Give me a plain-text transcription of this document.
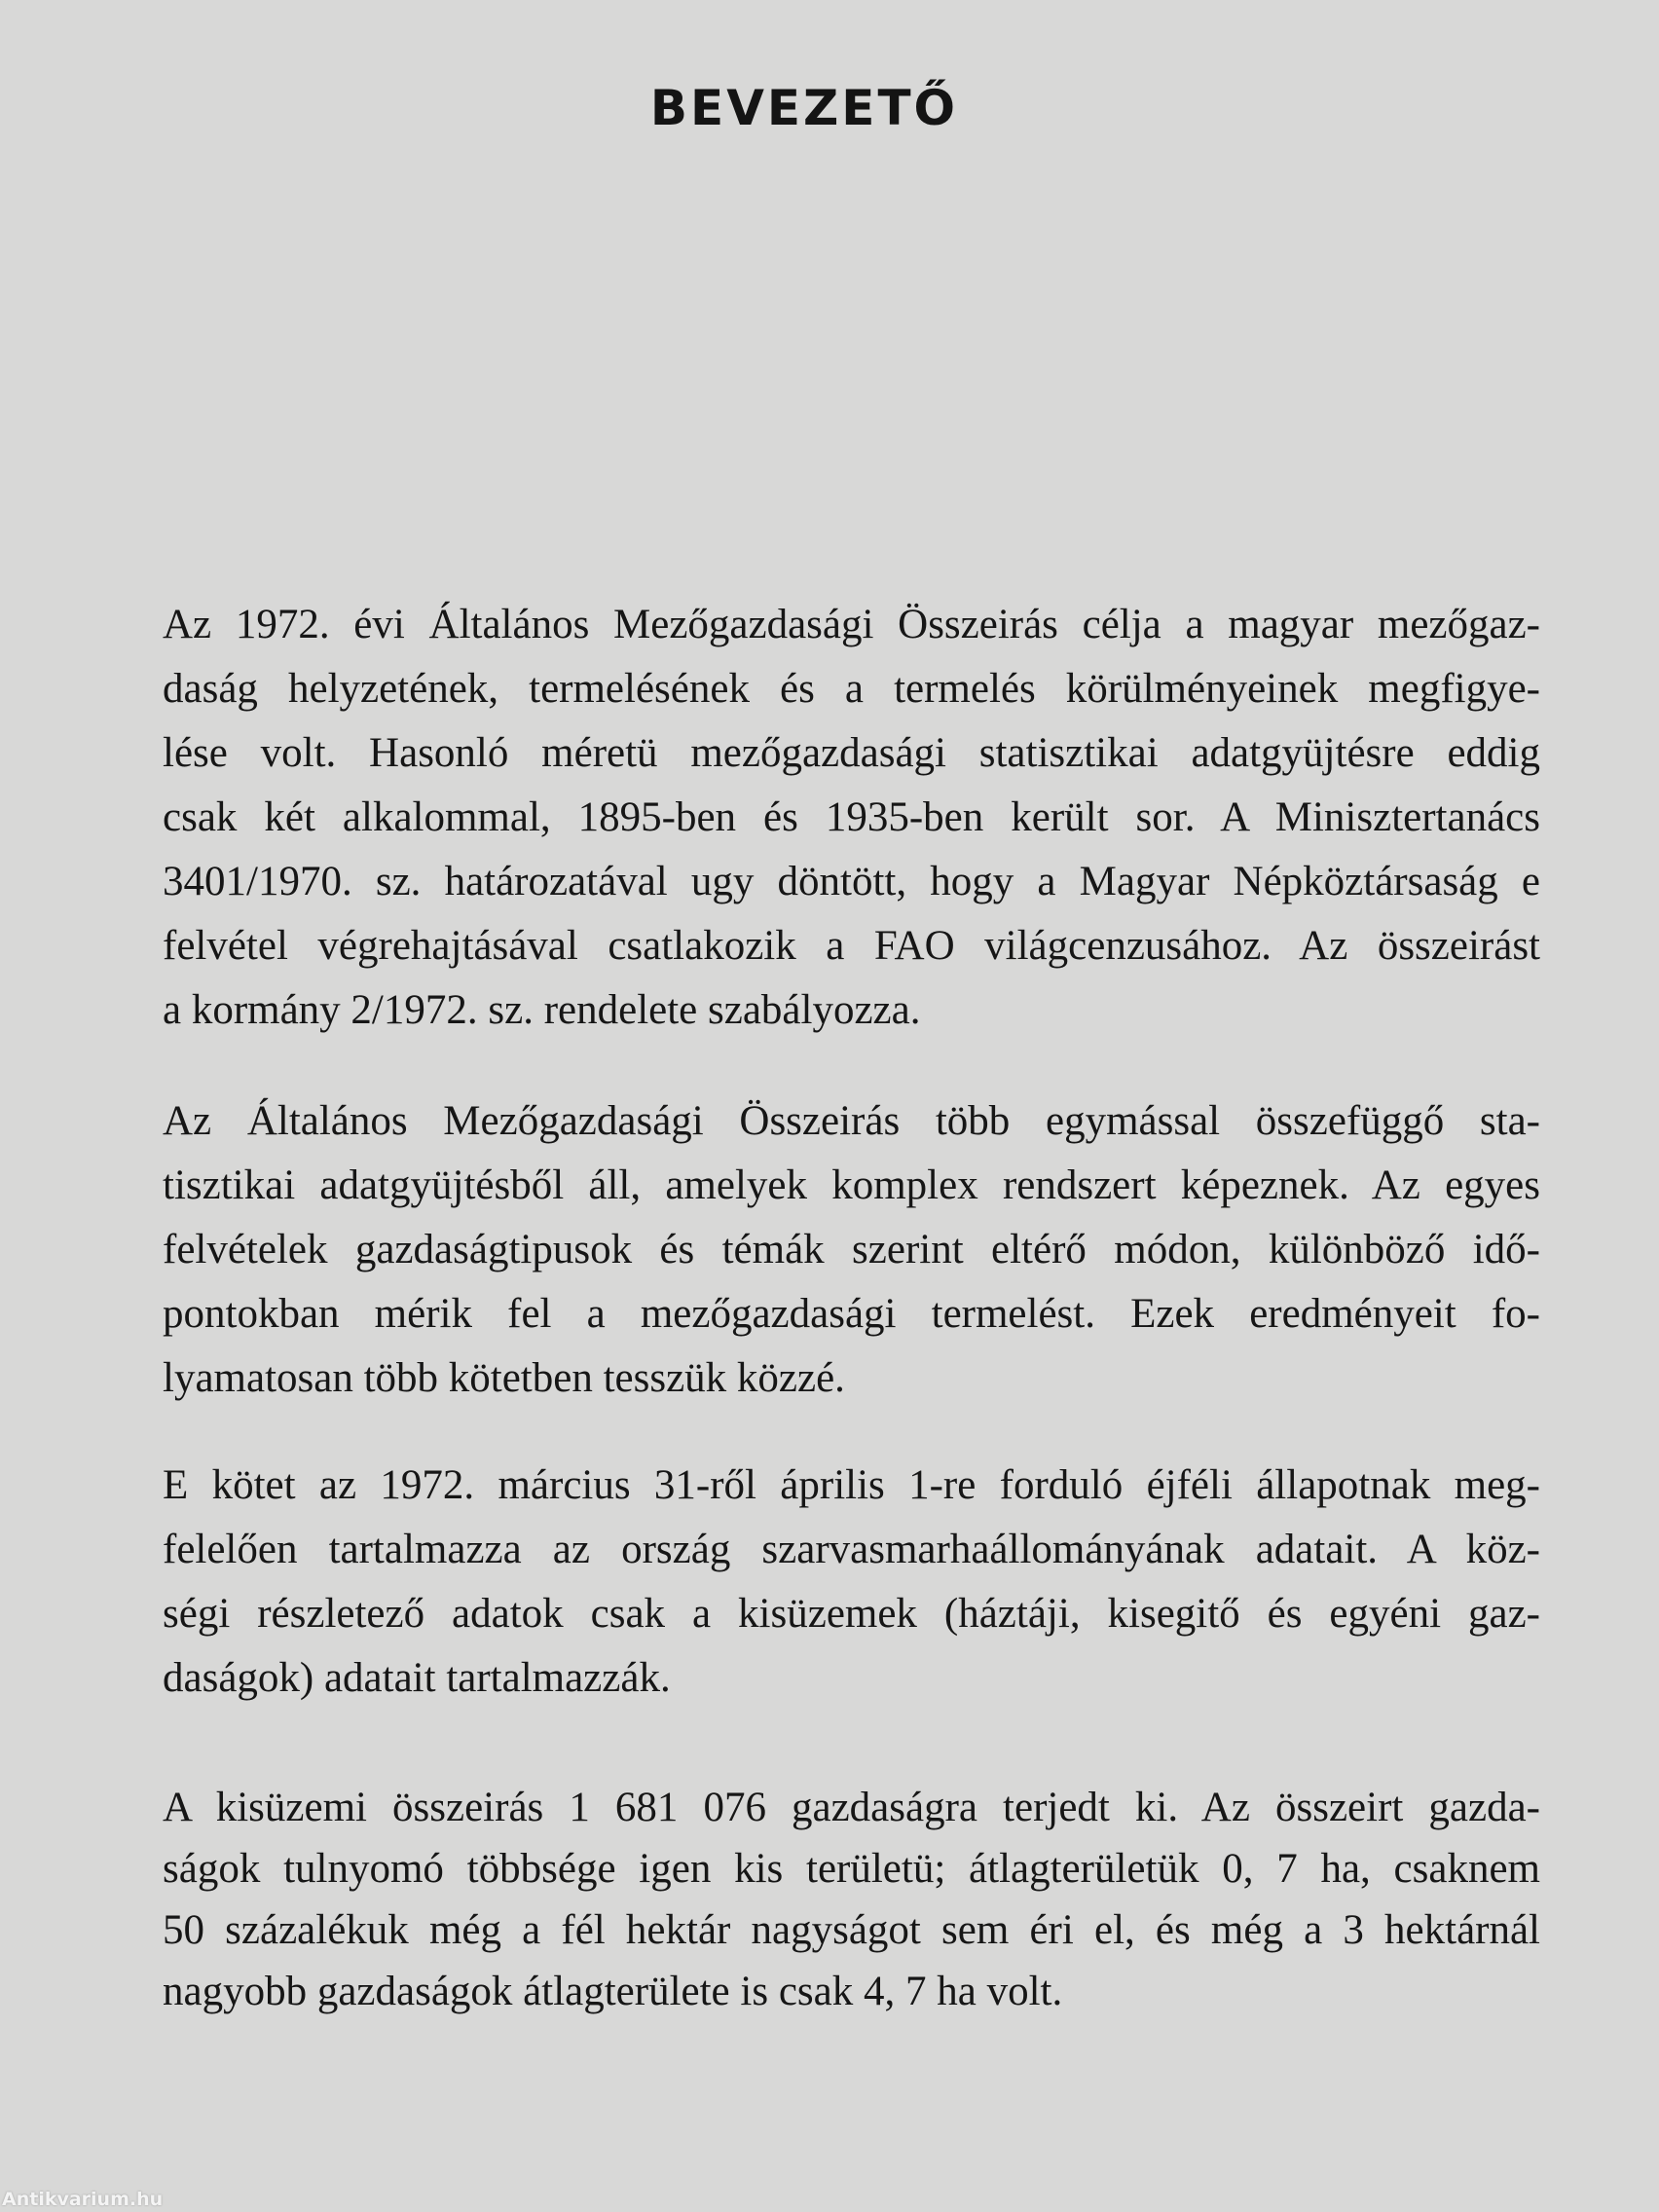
BEVEZETŐ
Az 1972. évi Általános Mezőgazdasági Összeirás célja a magyar mezőgaz-
daság helyzetének, termelésének és a termelés körülményeinek megfigye-
lése volt. Hasonló méretü mezőgazdasági statisztikai adatgyüjtésre eddig
csak két alkalommal, 1895-ben és 1935-ben került sor. A Minisztertanács
3401/1970. sz. határozatával ugy döntött, hogy a Magyar Népköztársaság e
felvétel végrehajtásával csatlakozik a FAO világcenzusához. Az összeirást
a kormány 2/1972. sz. rendelete szabályozza.
Az Általános Mezőgazdasági Összeirás több egymással összefüggő sta-
tisztikai adatgyüjtésből áll, amelyek komplex rendszert képeznek. Az egyes
felvételek gazdaságtipusok és témák szerint eltérő módon, különböző idő-
pontokban mérik fel a mezőgazdasági termelést. Ezek eredményeit fo-
lyamatosan több kötetben tesszük közzé.
E kötet az 1972. március 31-ről április 1-re forduló éjféli állapotnak meg-
felelően tartalmazza az ország szarvasmarhaállományának adatait. A köz-
ségi részletező adatok csak a kisüzemek (háztáji, kisegitő és egyéni gaz-
daságok) adatait tartalmazzák.
A kisüzemi összeirás 1 681 076 gazdaságra terjedt ki. Az összeirt gazda-
ságok tulnyomó többsége igen kis területü; átlagterületük 0, 7 ha, csaknem
50 százalékuk még a fél hektár nagyságot sem éri el, és még a 3 hektárnál
nagyobb gazdaságok átlagterülete is csak 4, 7 ha volt.
Antikvarium.hu
